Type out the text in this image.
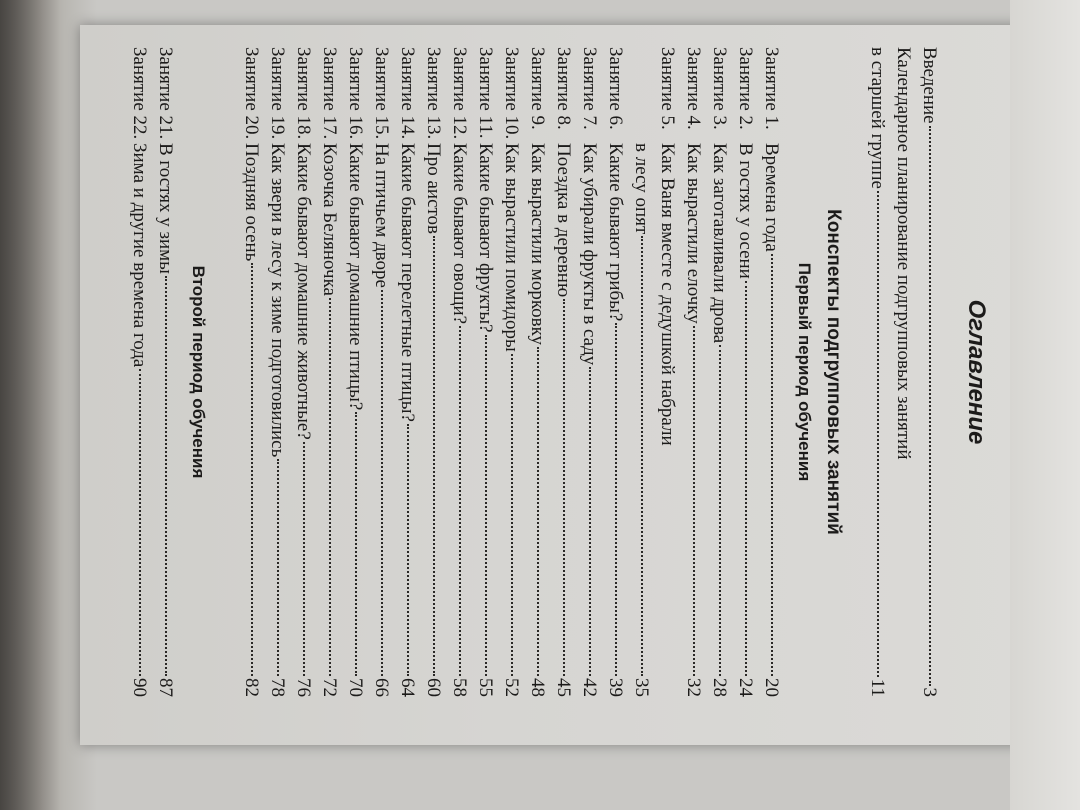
Оглавление
Введение
3
Календарное планирование подгрупповых занятий
в старшей группе
11
Конспекты подгрупповых занятий
Первый период обучения
Занятие 1.
Времена года
20
Занятие 2.
В гостях у осени
24
Занятие 3.
Как заготавливали дрова
28
Занятие 4.
Как вырастили елочку
32
Занятие 5.
Как Ваня вместе с дедушкой набрали
в лесу опят
35
Занятие 6.
Какие бывают грибы?
39
Занятие 7.
Как убирали фрукты в саду
42
Занятие 8.
Поездка в деревню
45
Занятие 9.
Как вырастили морковку
48
Занятие 10.
Как вырастили помидоры
52
Занятие 11.
Какие бывают фрукты?
55
Занятие 12.
Какие бывают овощи?
58
Занятие 13.
Про аистов
60
Занятие 14.
Какие бывают перелетные птицы?
64
Занятие 15.
На птичьем дворе
66
Занятие 16.
Какие бывают домашние птицы?
70
Занятие 17.
Козочка Беляночка
72
Занятие 18.
Какие бывают домашние животные?
76
Занятие 19.
Как звери в лесу к зиме подготовились
78
Занятие 20.
Поздняя осень
82
Второй период обучения
Занятие 21.
В гостях у зимы
87
Занятие 22.
Зима и другие времена года
90
